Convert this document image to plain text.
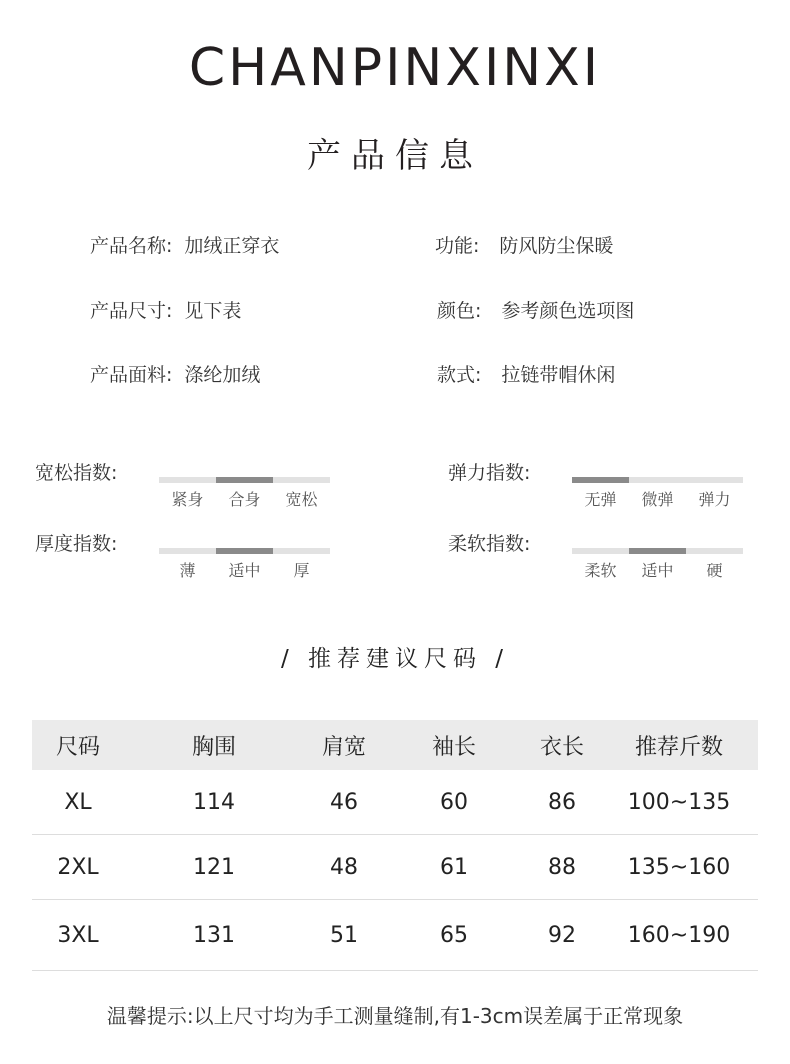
CHANPINXINXI
产品信息
产品名称: 加绒正穿衣	功能: 防风防尘保暖
产品尺寸: 见下表	颜色: 参考颜色选项图
产品面料: 涤纶加绒	款式: 拉链带帽休闲
宽松指数:
紧身	合身	宽松
弹力指数:
无弹	微弹	弹力
厚度指数:
薄	适中	厚
柔软指数:
柔软	适中	硬
/ 推荐建议尺码 /
尺码	胸围	肩宽	袖长	衣长	推荐斤数
XL	114	46	60	86	100~135
2XL	121	48	61	88	135~160
3XL	131	51	65	92	160~190
温馨提示:以上尺寸均为手工测量缝制,有1-3cm误差属于正常现象
